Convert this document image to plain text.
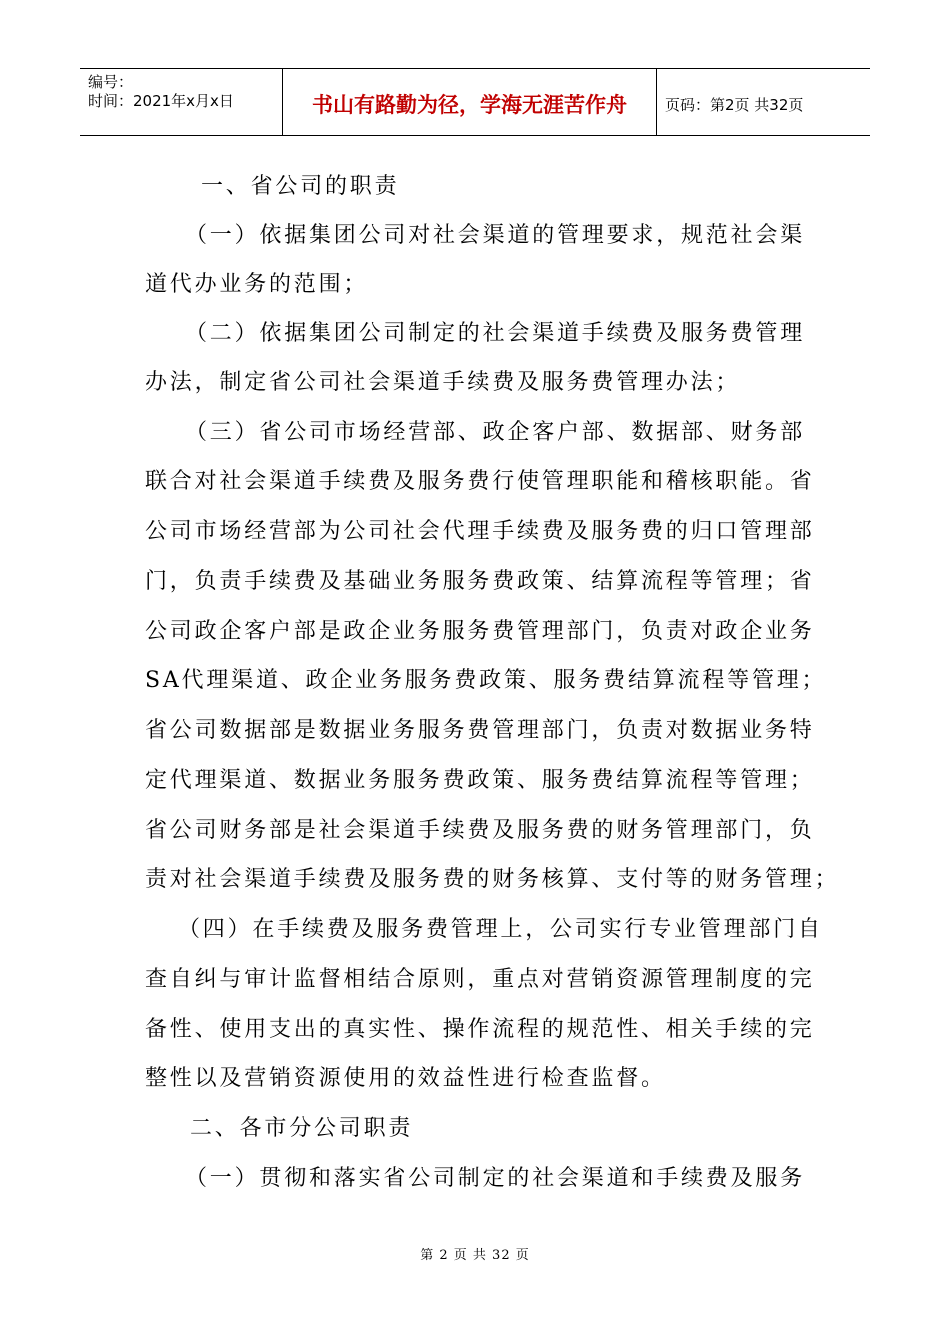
编号：
时间：2021年x月x日	书山有路勤为径，学海无涯苦作舟	页码：第2页 共32页
一、省公司的职责
（一）依据集团公司对社会渠道的管理要求，规范社会渠
道代办业务的范围；
（二）依据集团公司制定的社会渠道手续费及服务费管理
办法，制定省公司社会渠道手续费及服务费管理办法；
（三）省公司市场经营部、政企客户部、数据部、财务部
联合对社会渠道手续费及服务费行使管理职能和稽核职能。省
公司市场经营部为公司社会代理手续费及服务费的归口管理部
门，负责手续费及基础业务服务费政策、结算流程等管理；省
公司政企客户部是政企业务服务费管理部门，负责对政企业务
SA代理渠道、政企业务服务费政策、服务费结算流程等管理；
省公司数据部是数据业务服务费管理部门，负责对数据业务特
定代理渠道、数据业务服务费政策、服务费结算流程等管理；
省公司财务部是社会渠道手续费及服务费的财务管理部门，负
责对社会渠道手续费及服务费的财务核算、支付等的财务管理；
（四）在手续费及服务费管理上，公司实行专业管理部门自
查自纠与审计监督相结合原则，重点对营销资源管理制度的完
备性、使用支出的真实性、操作流程的规范性、相关手续的完
整性以及营销资源使用的效益性进行检查监督。
二、各市分公司职责
（一）贯彻和落实省公司制定的社会渠道和手续费及服务
第 2 页 共 32 页
